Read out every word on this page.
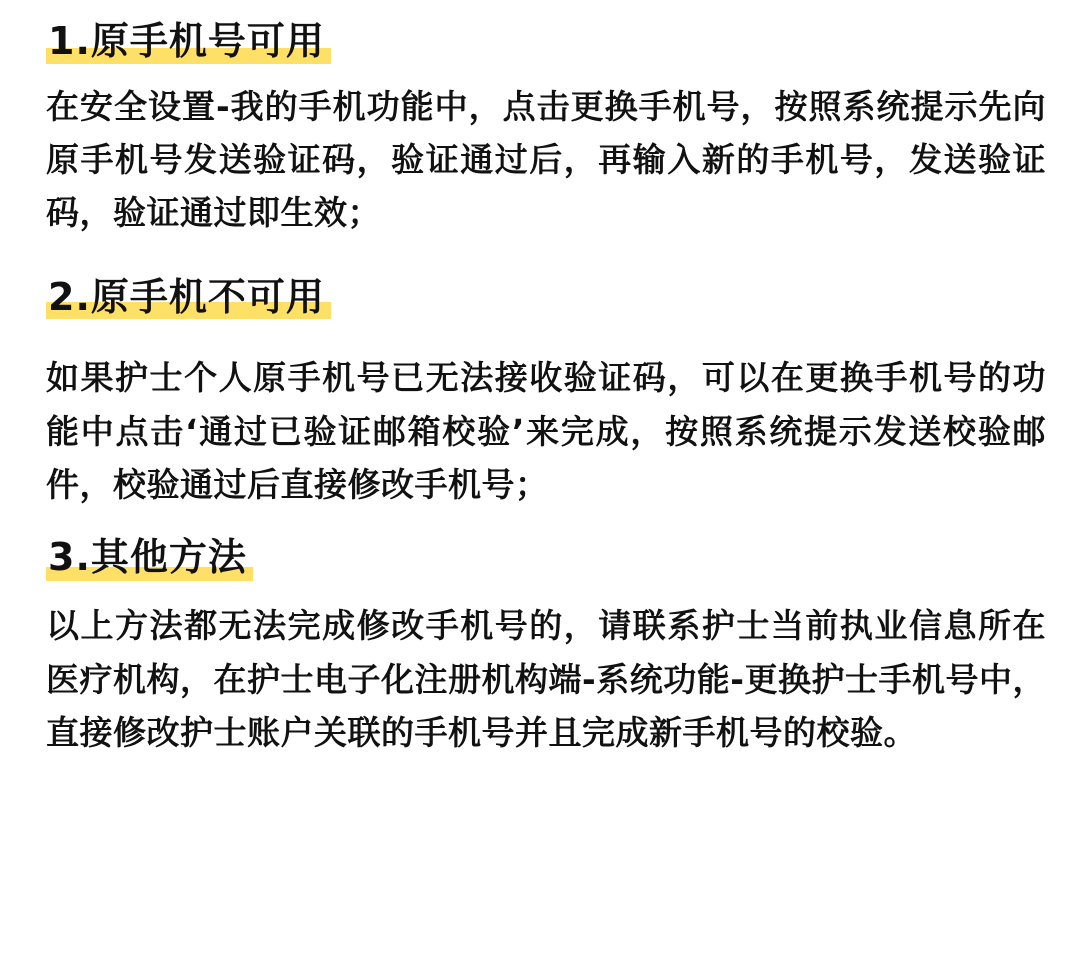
1.原手机号可用

在安全设置-我的手机功能中，点击更换手机号，按照系统提示先向原手机号发送验证码，验证通过后，再输入新的手机号，发送验证码，验证通过即生效；

2.原手机不可用

如果护士个人原手机号已无法接收验证码，可以在更换手机号的功能中点击‘通过已验证邮箱校验’来完成，按照系统提示发送校验邮件，校验通过后直接修改手机号；

3.其他方法

以上方法都无法完成修改手机号的，请联系护士当前执业信息所在医疗机构，在护士电子化注册机构端-系统功能-更换护士手机号中，直接修改护士账户关联的手机号并且完成新手机号的校验。
